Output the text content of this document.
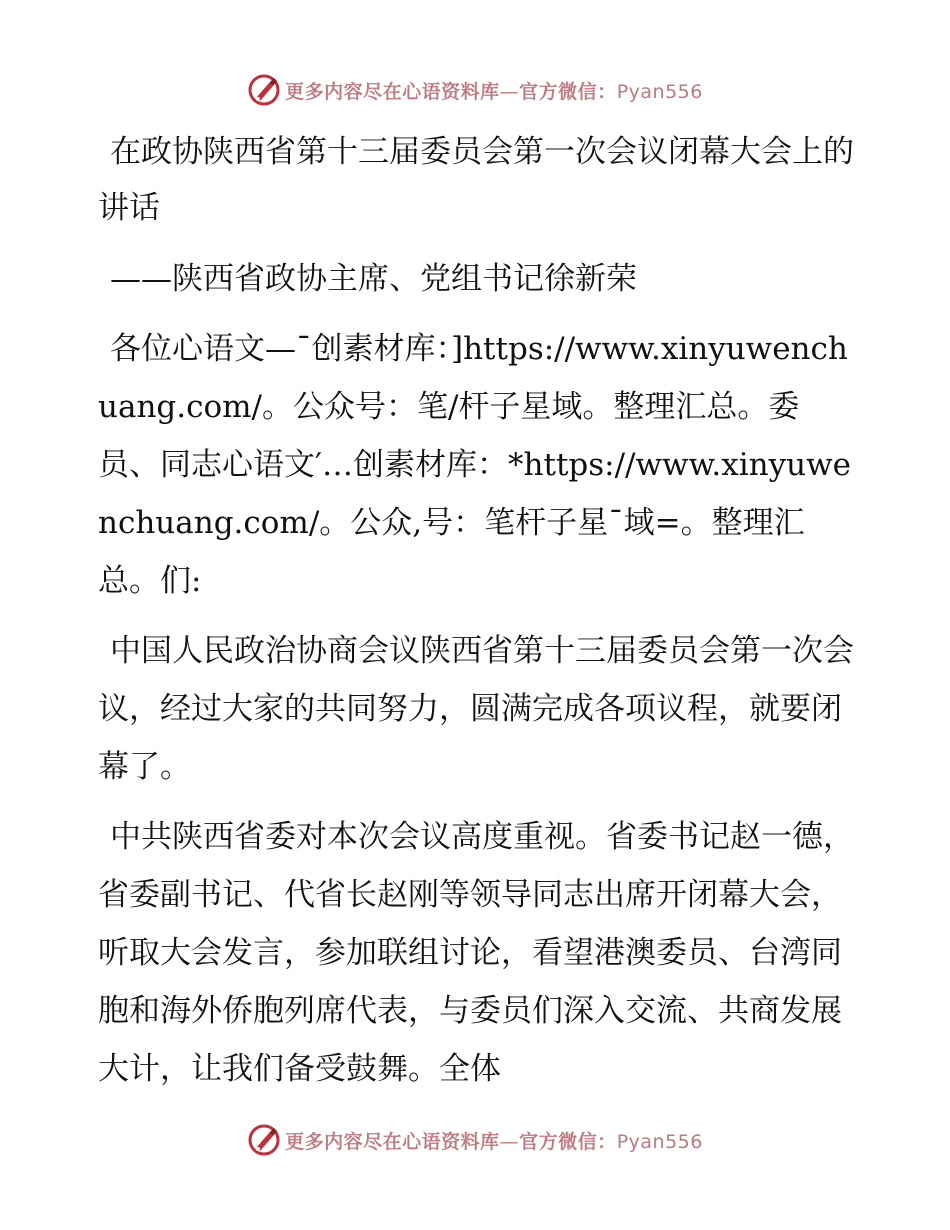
更多内容尽在心语资料库—官方微信：Pyan556

在政协陕西省第十三届委员会第一次会议闭幕大会上的讲话

——陕西省政协主席、党组书记徐新荣

各位心语文—¯创素材库：]https://www.xinyuwenchuang.com/。公众号：笔/杆子星域。整理汇总。委员、同志心语文′…创素材库：*https://www.xinyuwenchuang.com/。公众,号：笔杆子星¯域=。整理汇总。们:

中国人民政治协商会议陕西省第十三届委员会第一次会议，经过大家的共同努力，圆满完成各项议程，就要闭幕了。

中共陕西省委对本次会议高度重视。省委书记赵一德，省委副书记、代省长赵刚等领导同志出席开闭幕大会，听取大会发言，参加联组讨论，看望港澳委员、台湾同胞和海外侨胞列席代表，与委员们深入交流、共商发展大计，让我们备受鼓舞。全体

更多内容尽在心语资料库—官方微信：Pyan556
